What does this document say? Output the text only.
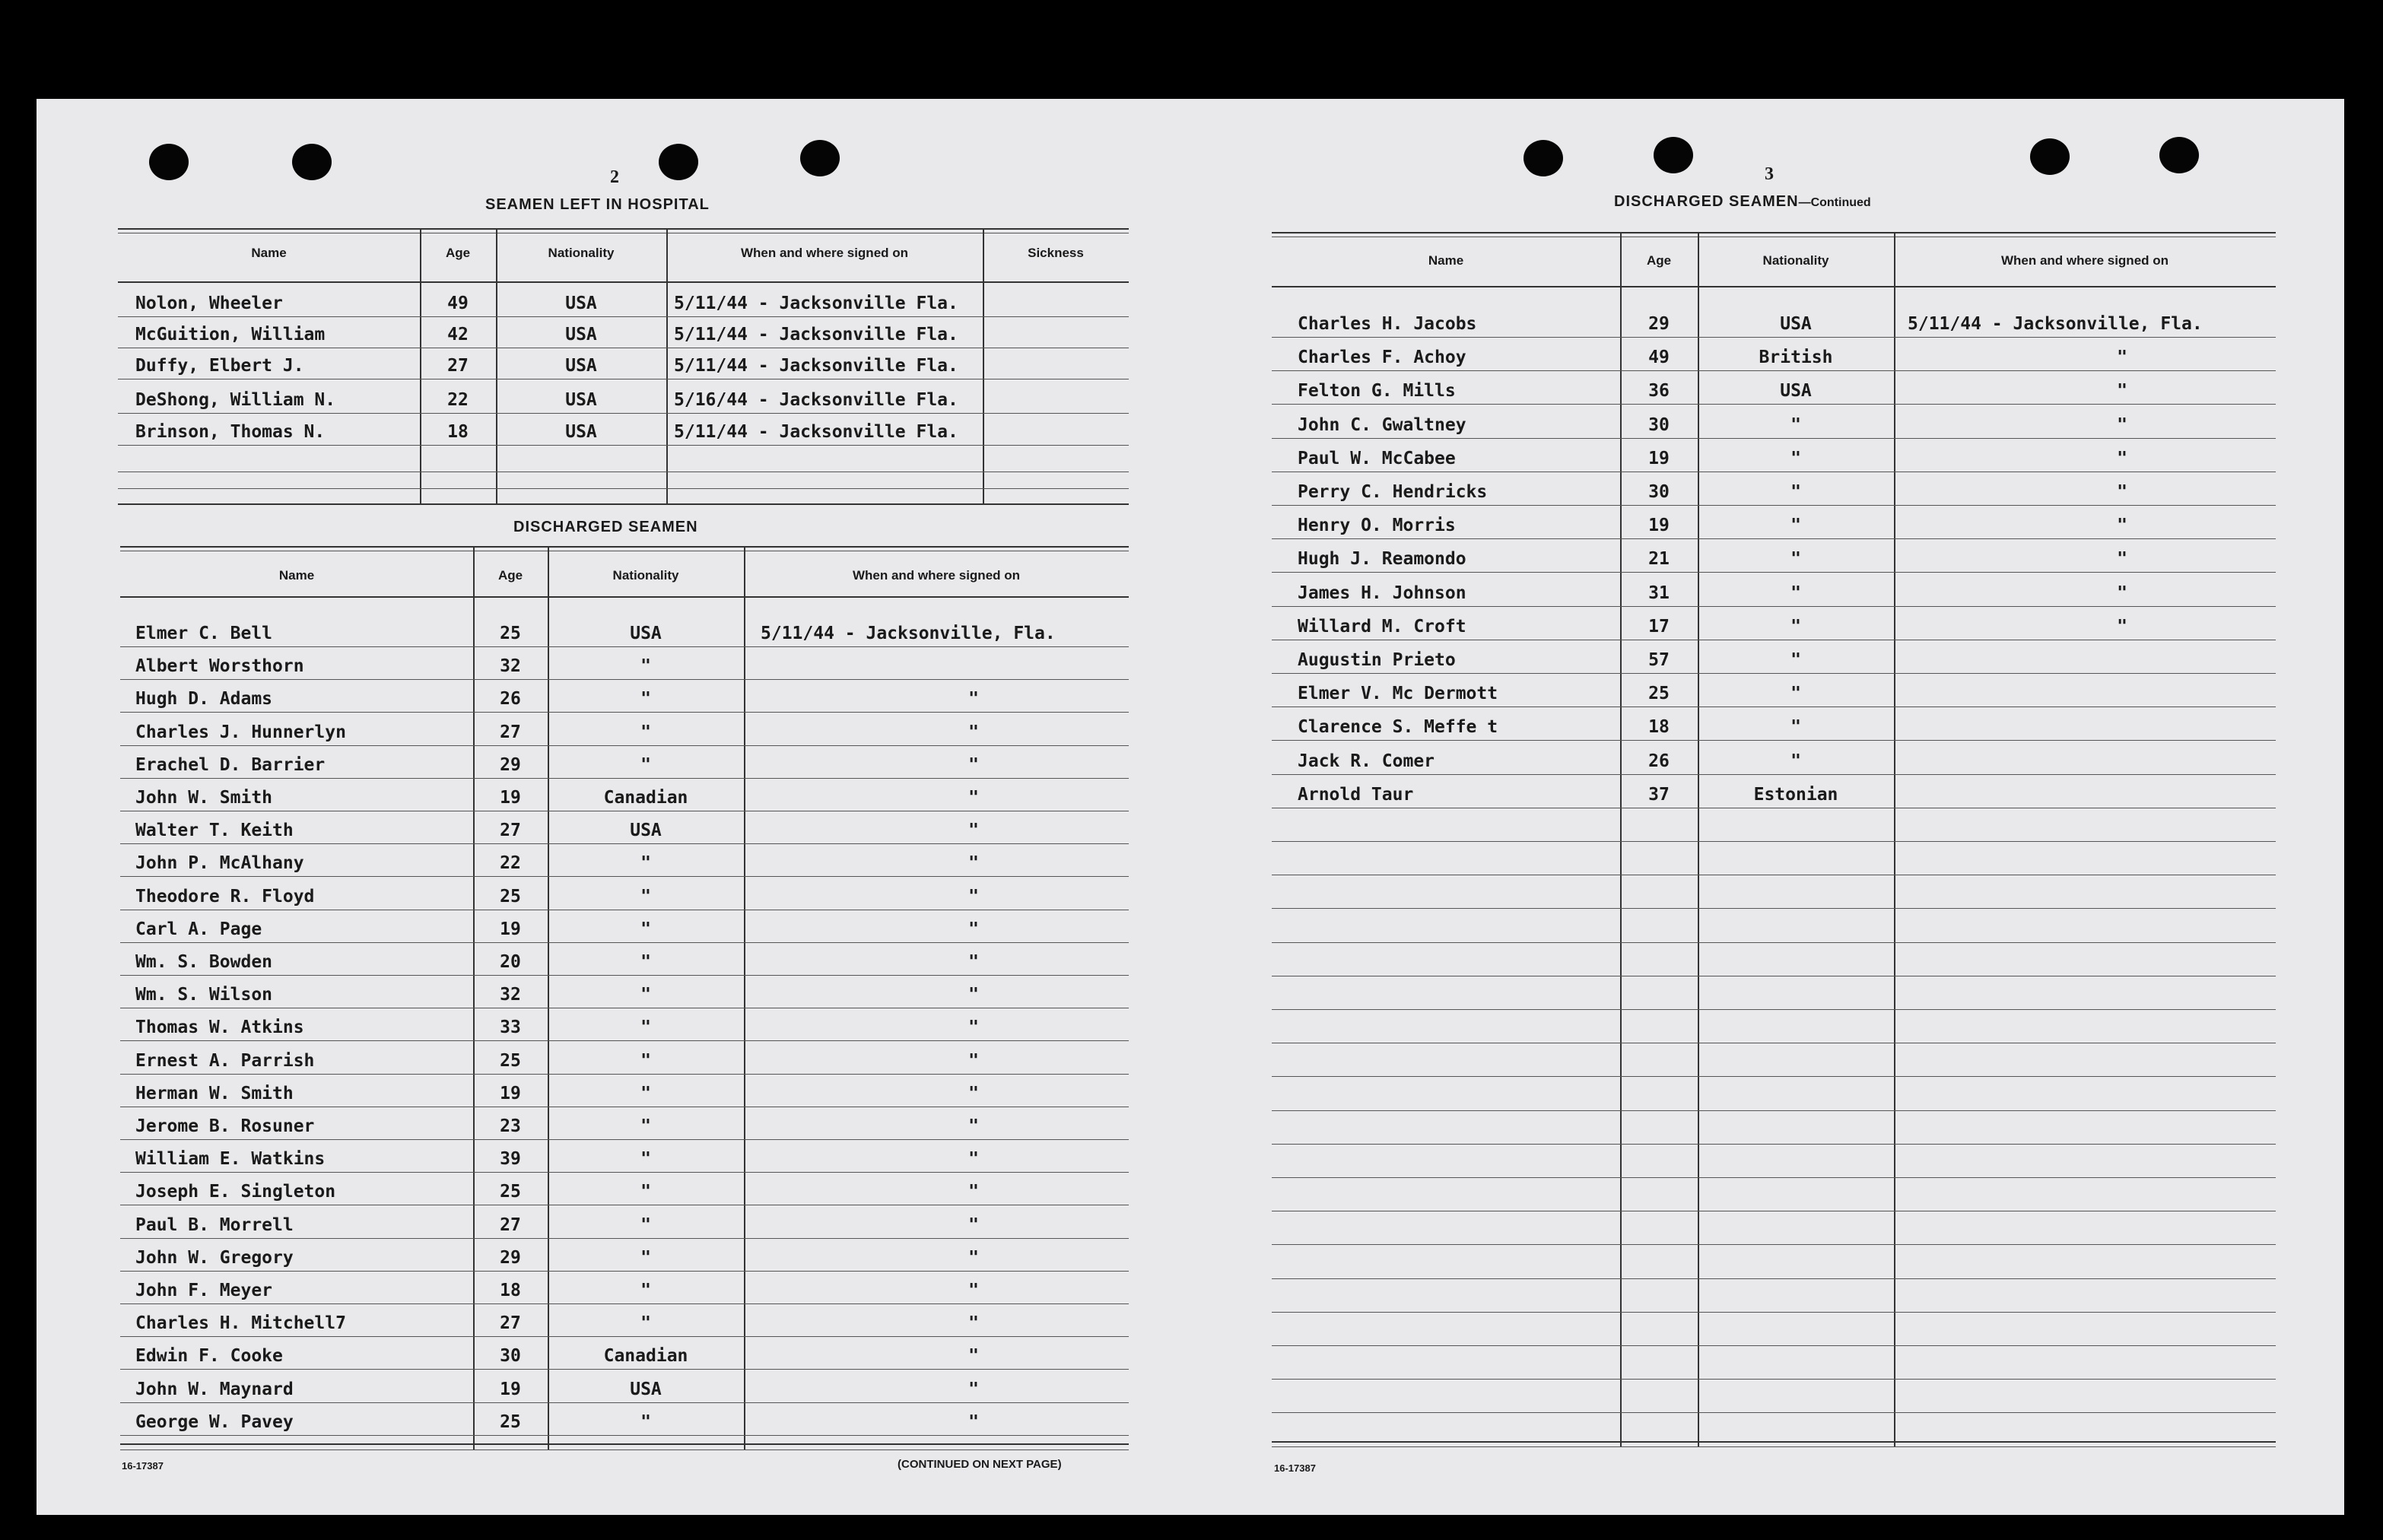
2
SEAMEN LEFT IN HOSPITAL
Name	Age	Nationality	When and where signed on	Sickness
Nolon, Wheeler	49	USA	5/11/44 - Jacksonville Fla.
McGuition, William	42	USA	5/11/44 - Jacksonville Fla.
Duffy, Elbert J.	27	USA	5/11/44 - Jacksonville Fla.
DeShong, William N.	22	USA	5/16/44 - Jacksonville Fla.
Brinson, Thomas N.	18	USA	5/11/44 - Jacksonville Fla.
DISCHARGED SEAMEN
Name	Age	Nationality	When and where signed on
Elmer C. Bell	25	USA	5/11/44 - Jacksonville, Fla.
Albert Worsthorn	32	"
Hugh D. Adams	26	"	"
Charles J. Hunnerlyn	27	"	"
Erachel D. Barrier	29	"	"
John W. Smith	19	Canadian	"
Walter T. Keith	27	USA	"
John P. McAlhany	22	"	"
Theodore R. Floyd	25	"	"
Carl A. Page	19	"	"
Wm. S. Bowden	20	"	"
Wm. S. Wilson	32	"	"
Thomas W. Atkins	33	"	"
Ernest A. Parrish	25	"	"
Herman W. Smith	19	"	"
Jerome B. Rosuner	23	"	"
William E. Watkins	39	"	"
Joseph E. Singleton	25	"	"
Paul B. Morrell	27	"	"
John W. Gregory	29	"	"
John F. Meyer	18	"	"
Charles H. Mitchell7	27	"	"
Edwin F. Cooke	30	Canadian	"
John W. Maynard	19	USA	"
George W. Pavey	25	"	"
16-17387	(CONTINUED ON NEXT PAGE)
3
DISCHARGED SEAMEN—Continued
Name	Age	Nationality	When and where signed on
Charles H. Jacobs	29	USA	5/11/44 - Jacksonville, Fla.
Charles F. Achoy	49	British	"
Felton G. Mills	36	USA	"
John C. Gwaltney	30	"	"
Paul W. McCabee	19	"	"
Perry C. Hendricks	30	"	"
Henry O. Morris	19	"	"
Hugh J. Reamondo	21	"	"
James H. Johnson	31	"	"
Willard M. Croft	17	"	"
Augustin Prieto	57	"
Elmer V. Mc Dermott	25	"
Clarence S. Meffe t	18	"
Jack R. Comer	26	"
Arnold Taur	37	Estonian
16-17387
